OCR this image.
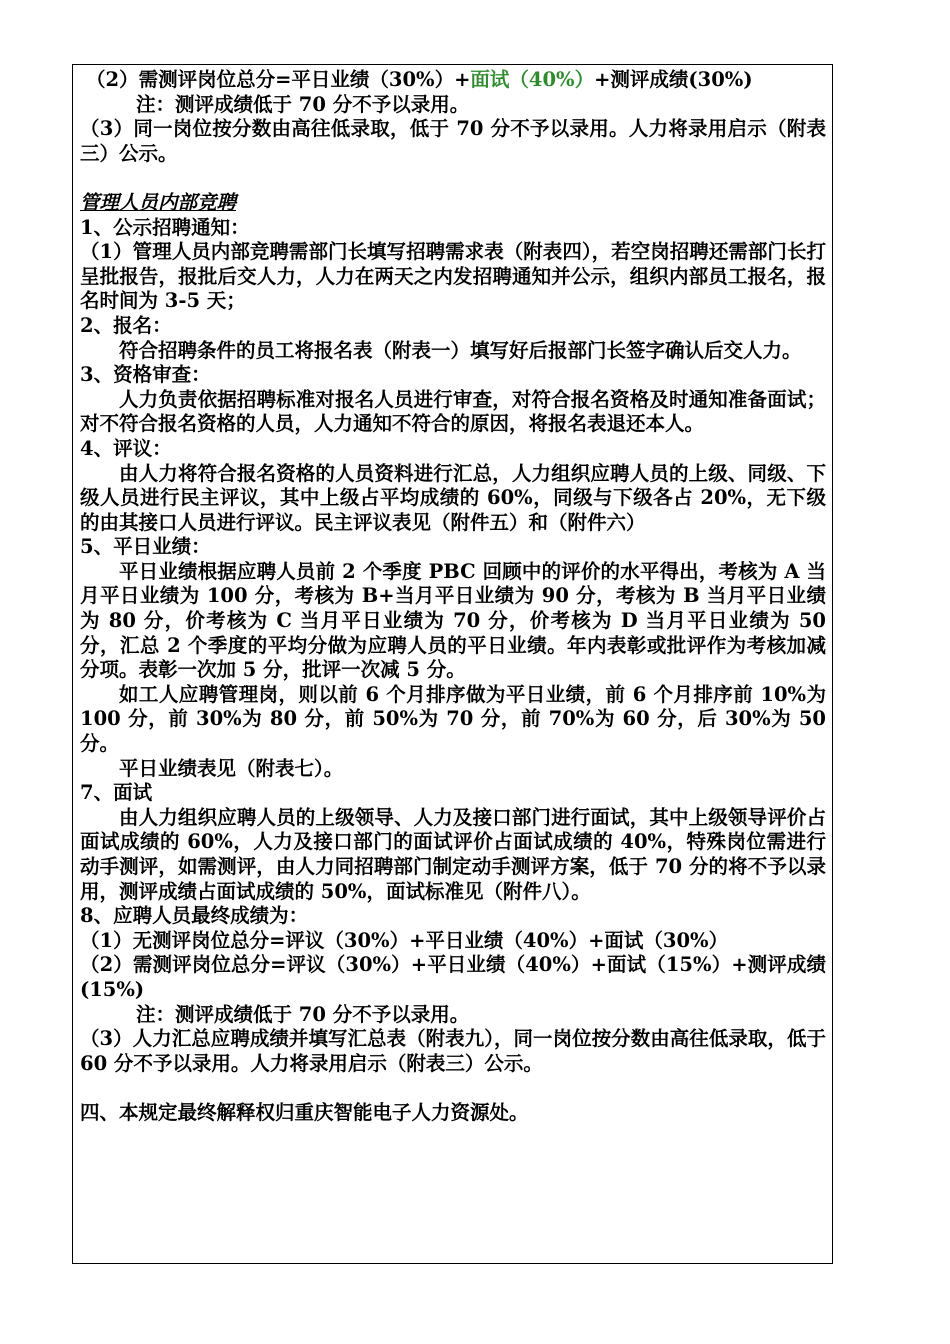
（2）需测评岗位总分=平日业绩（30%）+面试（40%）+测评成绩(30%)

注：测评成绩低于 70 分不予以录用。

（3）同一岗位按分数由高往低录取，低于 70 分不予以录用。人力将录用启示（附表三）公示。

管理人员内部竞聘

1、公示招聘通知：

（1）管理人员内部竞聘需部门长填写招聘需求表（附表四），若空岗招聘还需部门长打呈批报告，报批后交人力，人力在两天之内发招聘通知并公示，组织内部员工报名，报名时间为 3-5 天；

2、报名：

符合招聘条件的员工将报名表（附表一）填写好后报部门长签字确认后交人力。

3、资格审查：

人力负责依据招聘标准对报名人员进行审查，对符合报名资格及时通知准备面试；对不符合报名资格的人员，人力通知不符合的原因，将报名表退还本人。

4、评议：

由人力将符合报名资格的人员资料进行汇总，人力组织应聘人员的上级、同级、下级人员进行民主评议，其中上级占平均成绩的 60%，同级与下级各占 20%，无下级的由其接口人员进行评议。民主评议表见（附件五）和（附件六）

5、平日业绩：

平日业绩根据应聘人员前 2 个季度 PBC 回顾中的评价的水平得出，考核为 A 当月平日业绩为 100 分，考核为 B+当月平日业绩为 90 分，考核为 B 当月平日业绩为 80 分，价考核为 C 当月平日业绩为 70 分，价考核为 D 当月平日业绩为 50 分，汇总 2 个季度的平均分做为应聘人员的平日业绩。年内表彰或批评作为考核加减分项。表彰一次加 5 分，批评一次减 5 分。

如工人应聘管理岗，则以前 6 个月排序做为平日业绩，前 6 个月排序前 10%为 100 分，前 30%为 80 分，前 50%为 70 分，前 70%为 60 分，后 30%为 50 分。

平日业绩表见（附表七）。

7、面试

由人力组织应聘人员的上级领导、人力及接口部门进行面试，其中上级领导评价占面试成绩的 60%，人力及接口部门的面试评价占面试成绩的 40%，特殊岗位需进行动手测评，如需测评，由人力同招聘部门制定动手测评方案，低于 70 分的将不予以录用，测评成绩占面试成绩的 50%，面试标准见（附件八）。

8、应聘人员最终成绩为：

（1）无测评岗位总分=评议（30%）+平日业绩（40%）+面试（30%）

（2）需测评岗位总分=评议（30%）+平日业绩（40%）+面试（15%）+测评成绩(15%)

注：测评成绩低于 70 分不予以录用。

（3）人力汇总应聘成绩并填写汇总表（附表九），同一岗位按分数由高往低录取，低于 60 分不予以录用。人力将录用启示（附表三）公示。

四、本规定最终解释权归重庆智能电子人力资源处。
